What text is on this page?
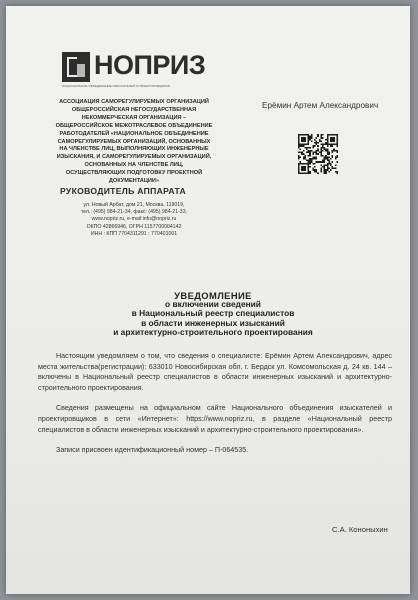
НОПРИЗ
НАЦИОНАЛЬНОЕ ОБЪЕДИНЕНИЕ ИЗЫСКАТЕЛЕЙ И ПРОЕКТИРОВЩИКОВ
АССОЦИАЦИЯ САМОРЕГУЛИРУЕМЫХ ОРГАНИЗАЦИЙ
ОБЩЕРОССИЙСКАЯ НЕГОСУДАРСТВЕННАЯ
НЕКОММЕРЧЕСКАЯ ОРГАНИЗАЦИЯ –
ОБЩЕРОССИЙСКОЕ МЕЖОТРАСЛЕВОЕ ОБЪЕДИНЕНИЕ
РАБОТОДАТЕЛЕЙ «НАЦИОНАЛЬНОЕ ОБЪЕДИНЕНИЕ
САМОРЕГУЛИРУЕМЫХ ОРГАНИЗАЦИЙ, ОСНОВАННЫХ
НА ЧЛЕНСТВЕ ЛИЦ, ВЫПОЛНЯЮЩИХ ИНЖЕНЕРНЫЕ
ИЗЫСКАНИЯ, И САМОРЕГУЛИРУЕМЫХ ОРГАНИЗАЦИЙ,
ОСНОВАННЫХ НА ЧЛЕНСТВЕ ЛИЦ,
ОСУЩЕСТВЛЯЮЩИХ ПОДГОТОВКУ ПРОЕКТНОЙ
ДОКУМЕНТАЦИИ»
РУКОВОДИТЕЛЬ АППАРАТА
ул. Новый Арбат, дом 21, Москва, 119019,
тел.: (495) 984-21-34, факс: (495) 984-21-33,
www.nopriz.ru, e-mail:info@nopriz.ru
ОКПО 42866946, ОГРН 1157700004142
ИНН : КПП 7704311291 : 770401001
Ерёмин Артем Александрович
УВЕДОМЛЕНИЕ
о включении сведений
в Национальный реестр специалистов
в области инженерных изысканий
и архитектурно-строительного проектирования

Настоящим уведомляем о том, что сведения о специалисте: Ерёмин Артем Александрович, адрес места жительства(регистрации): 633010 Новосибирская обл. г. Бердск ул. Комсомольская д. 24 кв. 144 – включены в Национальный реестр специалистов в области инженерных изысканий и архитектурно-строительного проектирования.

Сведения размещены на официальном сайте Национального объединения изыскателей и проектировщиков в сети «Интернет»: https://www.nopriz.ru, в разделе «Национальный реестр специалистов в области инженерных изысканий и архитектурно-строительного проектирования».

Записи присвоен идентификационный номер – П-064535.

С.А. Кононыхин
